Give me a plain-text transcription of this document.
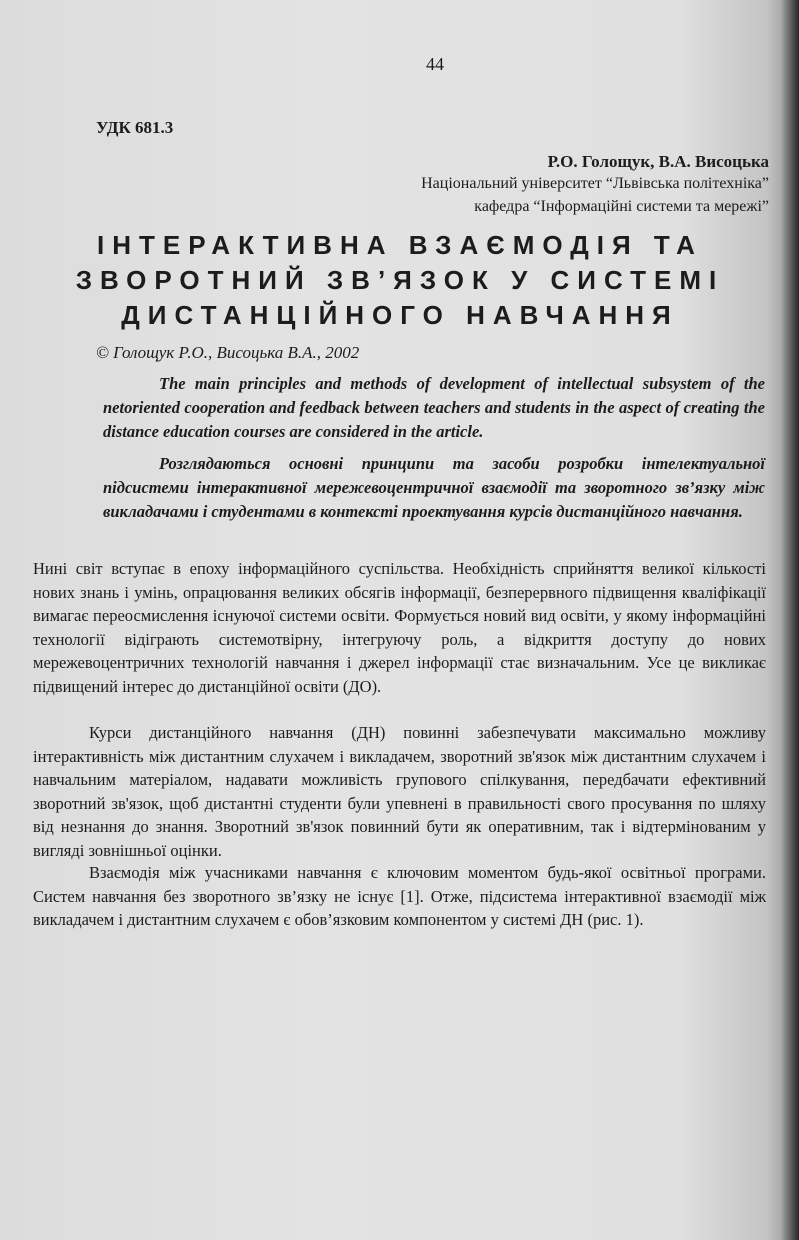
44
УДК 681.3
Р.О. Голощук, В.А. Висоцька
Національний університет “Львівська політехніка”
кафедра “Інформаційні системи та мережі”
ІНТЕРАКТИВНА ВЗАЄМОДІЯ ТА
ЗВОРОТНИЙ ЗВ’ЯЗОК У СИСТЕМІ
ДИСТАНЦІЙНОГО НАВЧАННЯ
© Голощук Р.О., Висоцька В.А., 2002
The main principles and methods of development of intellectual subsystem of the netoriented cooperation and feedback between teachers and students in the aspect of creating the distance education courses are considered in the article.
Розглядаються основні принципи та засоби розробки інтелектуальної підсистеми інтерактивної мережевоцентричної взаємодії та зворотного зв’язку між викладачами і студентами в контексті проектування курсів дистанційного навчання.
Нині світ вступає в епоху інформаційного суспільства. Необхідність сприйняття великої кількості нових знань і умінь, опрацювання великих обсягів інформації, безперервного підвищення кваліфікації вимагає переосмислення існуючої системи освіти. Формується новий вид освіти, у якому інформаційні технології відіграють системотвірну, інтегруючу роль, а відкриття доступу до нових мережевоцентричних технологій навчання і джерел інформації стає визначальним. Усе це викликає підвищений інтерес до дистанційної освіти (ДО).
Курси дистанційного навчання (ДН) повинні забезпечувати максимально можливу інтерактивність між дистантним слухачем і викладачем, зворотний зв'язок між дистантним слухачем і навчальним матеріалом, надавати можливість групового спілкування, передбачати ефективний зворотний зв'язок, щоб дистантні студенти були упевнені в правильності свого просування по шляху від незнання до знання. Зворотний зв'язок повинний бути як оперативним, так і відтермінованим у вигляді зовнішньої оцінки.
Взаємодія між учасниками навчання є ключовим моментом будь-якої освітньої програми. Систем навчання без зворотного зв’язку не існує [1]. Отже, підсистема інтерактивної взаємодії між викладачем і дистантним слухачем є обов’язковим компонентом у системі ДН (рис. 1).
